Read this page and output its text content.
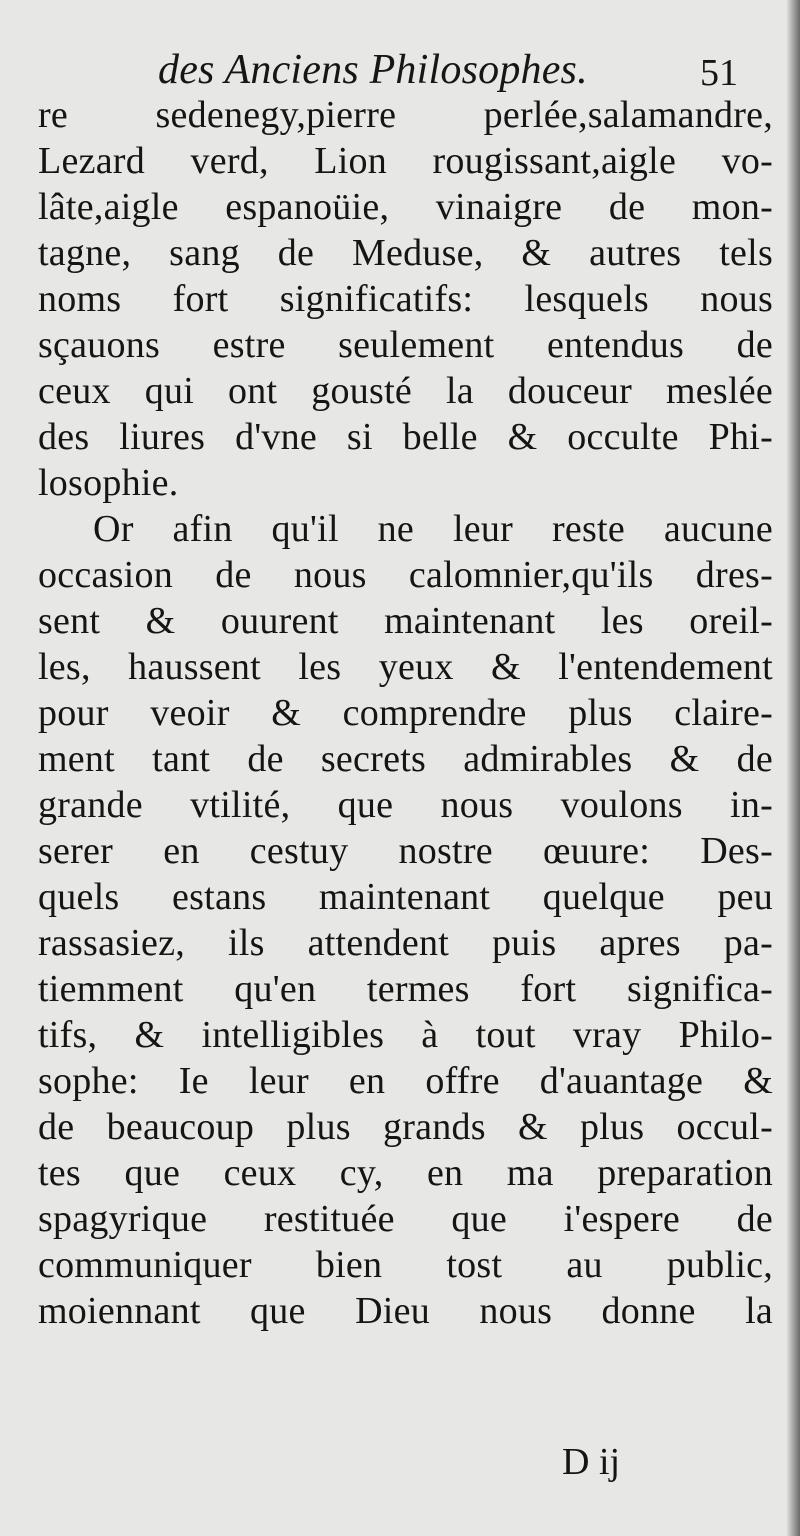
des Anciens Philosophes.	51
re sedenegy,pierre perlée,salamandre,
Lezard verd, Lion rougissant,aigle vo-
lâte,aigle espanoüie, vinaigre de mon-
tagne, sang de Meduse, & autres tels
noms fort significatifs: lesquels nous
sçauons estre seulement entendus de
ceux qui ont gousté la douceur meslée
des liures d'vne si belle & occulte Phi-
losophie.
Or afin qu'il ne leur reste aucune
occasion de nous calomnier,qu'ils dres-
sent & ouurent maintenant les oreil-
les, haussent les yeux & l'entendement
pour veoir & comprendre plus claire-
ment tant de secrets admirables & de
grande vtilité, que nous voulons in-
serer en cestuy nostre œuure: Des-
quels estans maintenant quelque peu
rassasiez, ils attendent puis apres pa-
tiemment qu'en termes fort significa-
tifs, & intelligibles à tout vray Philo-
sophe: Ie leur en offre d'auantage &
de beaucoup plus grands & plus occul-
tes que ceux cy, en ma preparation
spagyrique restituée que i'espere de
communiquer bien tost au public,
moiennant que Dieu nous donne la
D ij
